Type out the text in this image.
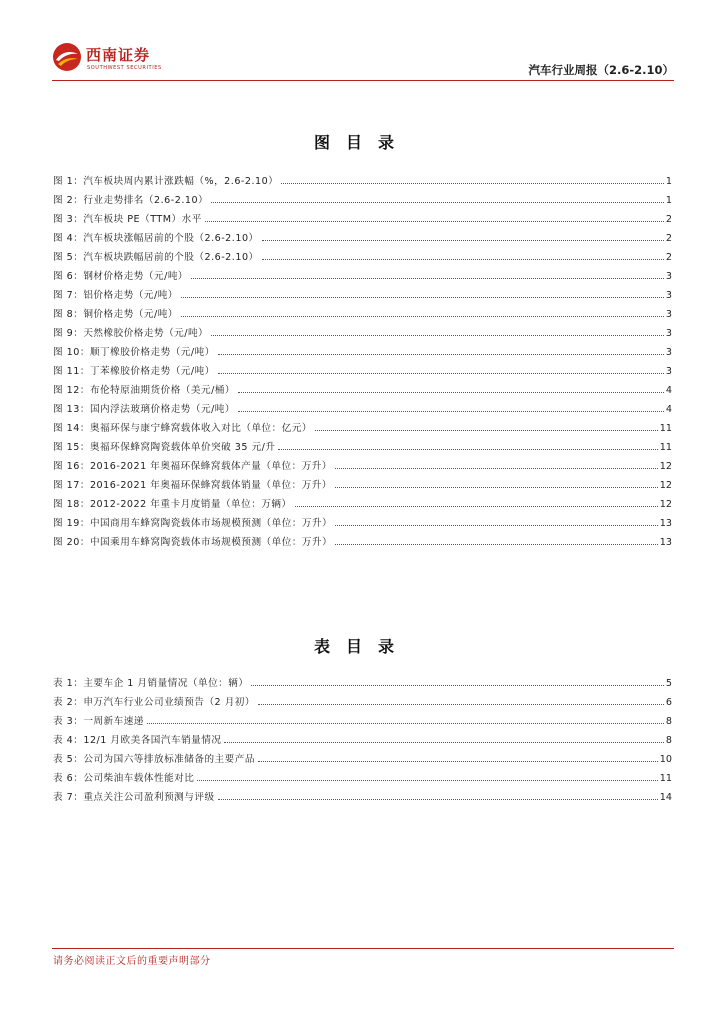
西南证券
SOUTHWEST SECURITIES	汽车行业周报（2.6-2.10）
图目录
图 1：汽车板块周内累计涨跌幅（%，2.6-2.10）	1
图 2：行业走势排名（2.6-2.10）	1
图 3：汽车板块 PE（TTM）水平	2
图 4：汽车板块涨幅居前的个股（2.6-2.10）	2
图 5：汽车板块跌幅居前的个股（2.6-2.10）	2
图 6：钢材价格走势（元/吨）	3
图 7：铝价格走势（元/吨）	3
图 8：铜价格走势（元/吨）	3
图 9：天然橡胶价格走势（元/吨）	3
图 10：顺丁橡胶价格走势（元/吨）	3
图 11：丁苯橡胶价格走势（元/吨）	3
图 12：布伦特原油期货价格（美元/桶）	4
图 13：国内浮法玻璃价格走势（元/吨）	4
图 14：奥福环保与康宁蜂窝载体收入对比（单位：亿元）	11
图 15：奥福环保蜂窝陶瓷载体单价突破 35 元/升	11
图 16：2016-2021 年奥福环保蜂窝载体产量（单位：万升）	12
图 17：2016-2021 年奥福环保蜂窝载体销量（单位：万升）	12
图 18：2012-2022 年重卡月度销量（单位：万辆）	12
图 19：中国商用车蜂窝陶瓷载体市场规模预测（单位：万升）	13
图 20：中国乘用车蜂窝陶瓷载体市场规模预测（单位：万升）	13
表目录
表 1：主要车企 1 月销量情况（单位：辆）	5
表 2：申万汽车行业公司业绩预告（2 月初）	6
表 3：一周新车速递	8
表 4：12/1 月欧美各国汽车销量情况	8
表 5：公司为国六等排放标准储备的主要产品	10
表 6：公司柴油车载体性能对比	11
表 7：重点关注公司盈利预测与评级	14
请务必阅读正文后的重要声明部分
